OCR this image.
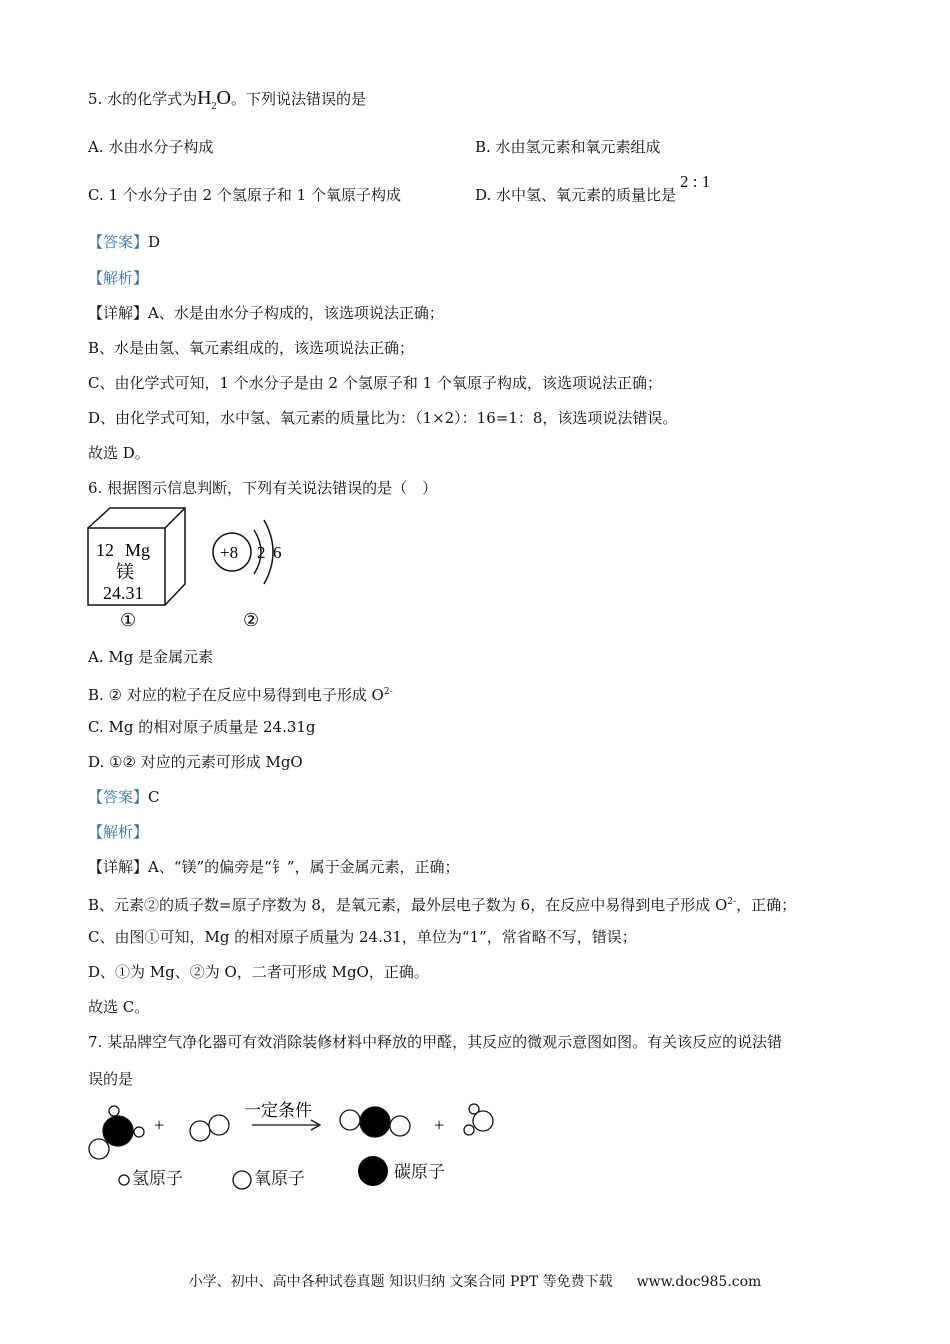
5. 水的化学式为$H_2O$。下列说法错误的是
A. 水由水分子构成	B. 水由氢元素和氧元素组成
C. 1 个水分子由 2 个氢原子和 1 个氧原子构成	D. 水中氢、氧元素的质量比是2 : 1
【答案】D
【解析】
【详解】A、水是由水分子构成的，该选项说法正确；
B、水是由氢、氧元素组成的，该选项说法正确；
C、由化学式可知，1 个水分子是由 2 个氢原子和 1 个氧原子构成，该选项说法正确；
D、由化学式可知，水中氢、氧元素的质量比为：（1×2）：16=1：8，该选项说法错误。
故选 D。
6. 根据图示信息判断，下列有关说法错误的是（　）
12 Mg
镁
24.31
①
+8 2 6
②
A. Mg 是金属元素
B. ② 对应的粒子在反应中易得到电子形成 $O^{2-}$
C. Mg 的相对原子质量是 24.31g
D. ①② 对应的元素可形成 MgO
【答案】C
【解析】
【详解】A、“镁”的偏旁是“钅”，属于金属元素，正确；
B、元素②的质子数=原子序数为 8，是氧元素，最外层电子数为 6，在反应中易得到电子形成 $O^{2-}$，正确；
C、由图①可知，Mg 的相对原子质量为 24.31，单位为“1”，常省略不写，错误；
D、①为 Mg、②为 O，二者可形成 MgO，正确。
故选 C。
7. 某品牌空气净化器可有效消除装修材料中释放的甲醛，其反应的微观示意图如图。有关该反应的说法错
误的是
+
一定条件
+
氢原子	氧原子	碳原子
小学、初中、高中各种试卷真题 知识归纳 文案合同 PPT 等免费下载 www.doc985.com
